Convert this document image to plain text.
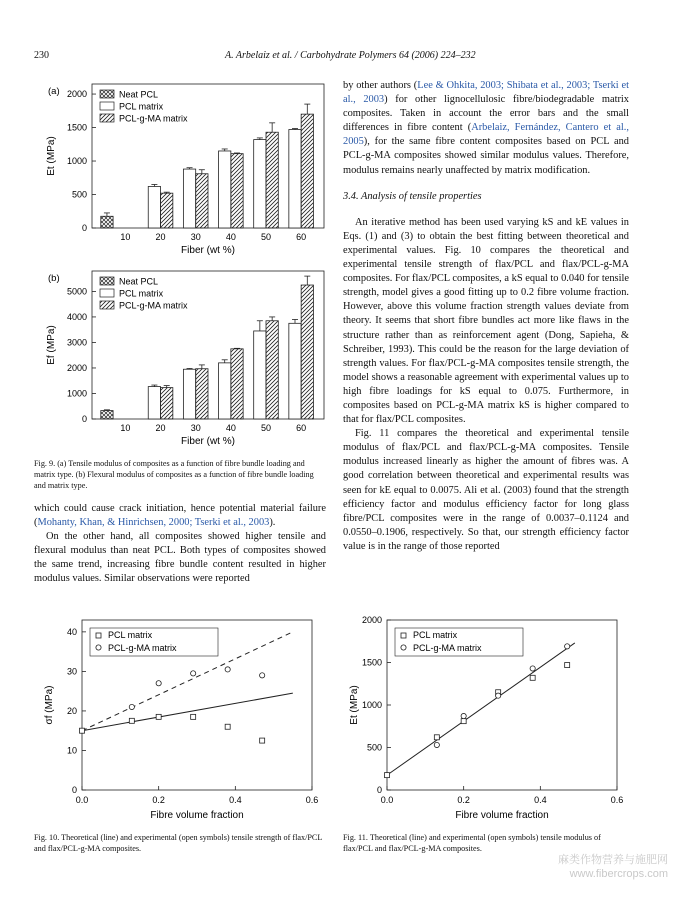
230	A. Arbelaiz et al. / Carbohydrate Polymers 64 (2006) 224–232
0
500
1000
1500
2000
10	20	30	40	50	60
Neat PCL
PCL matrix
PCL-g-MA matrix
(a)
Fiber (wt %)
Et (MPa)
0
1000
2000
3000
4000
5000
10	20	30	40	50	60
Neat PCL
PCL matrix
PCL-g-MA matrix
(b)
Fiber (wt %)
Ef (MPa)
Fig. 9. (a) Tensile modulus of composites as a function of fibre bundle loading and matrix type. (b) Flexural modulus of composites as a function of fibre bundle loading and matrix type.

which could cause crack initiation, hence potential material failure (Mohanty, Khan, & Hinrichsen, 2000; Tserki et al., 2003).

On the other hand, all composites showed higher tensile and flexural modulus than neat PCL. Both types of composites showed the same trend, increasing fibre bundle content resulted in higher modulus values. Similar observations were reported

by other authors (Lee & Ohkita, 2003; Shibata et al., 2003; Tserki et al., 2003) for other lignocellulosic fibre/biodegradable matrix composites. Taken in account the error bars and the small differences in fibre content (Arbelaiz, Fernández, Cantero et al., 2005), for the same fibre content composites based on PCL and PCL-g-MA composites showed similar modulus values. Therefore, modulus remains nearly unaffected by matrix modification.

3.4. Analysis of tensile properties

An iterative method has been used varying kS and kE values in Eqs. (1) and (3) to obtain the best fitting between theoretical and experimental values. Fig. 10 compares the theoretical and experimental tensile strength of flax/PCL and flax/PCL-g-MA composites. For flax/PCL composites, a kS equal to 0.040 for tensile strength, model gives a good fitting up to 0.2 fibre volume fraction. However, above this volume fraction strength values deviate from theory. It seems that short fibre bundles act more like flaws in the structure rather than as reinforcement agent (Dong, Sapieha, & Schreiber, 1993). This could be the reason for the large deviation of strength values. For flax/PCL-g-MA composites tensile strength, the model shows a reasonable agreement with experimental values up to high fibre loadings for kS equal to 0.075. Furthermore, in composites based on PCL-g-MA matrix kS is higher compared to that for flax/PCL composites.

Fig. 11 compares the theoretical and experimental tensile modulus of flax/PCL and flax/PCL-g-MA composites. Tensile modulus increased linearly as higher the amount of fibres was. A good correlation between theoretical and experimental results was seen for kE equal to 0.0075. Ali et al. (2003) found that the strength efficiency factor and modulus efficiency factor for long glass fibre/PCL composites were in the range of 0.0037–0.1124 and 0.0550–0.1906, respectively. So that, our strength efficiency factor value is in the range of those reported

0.0	0.2	0.4	0.6
0
10
20
30
40	PCL matrix
PCL-g-MA matrix
Fibre volume fraction
σf (MPa)
0.0	0.2	0.4	0.6
0
500
1000
1500
2000
PCL matrix
PCL-g-MA matrix
Fibre volume fraction
Et (MPa)
Fig. 10. Theoretical (line) and experimental (open symbols) tensile strength of flax/PCL and flax/PCL-g-MA composites.
Fig. 11. Theoretical (line) and experimental (open symbols) tensile modulus of flax/PCL and flax/PCL-g-MA composites.
麻类作物营养与施肥网
www.fibercrops.com
